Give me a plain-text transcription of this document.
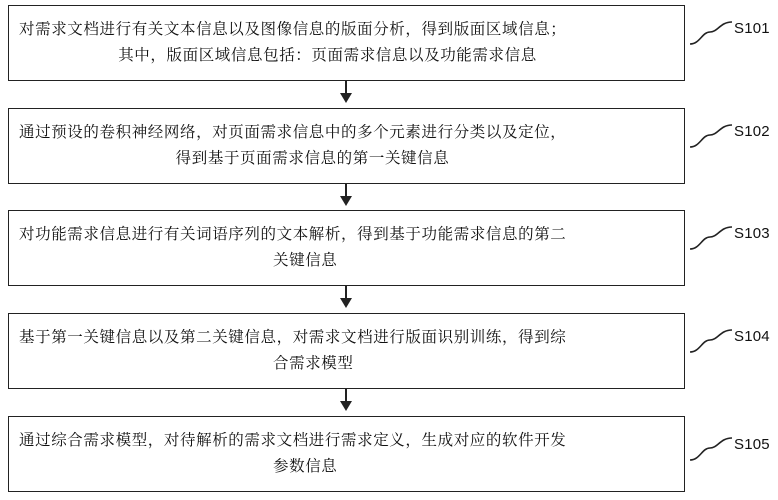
对需求文档进行有关文本信息以及图像信息的版面分析，得到版面区域信息；
其中，版面区域信息包括：页面需求信息以及功能需求信息
S101
通过预设的卷积神经网络，对页面需求信息中的多个元素进行分类以及定位，
得到基于页面需求信息的第一关键信息
S102
对功能需求信息进行有关词语序列的文本解析，得到基于功能需求信息的第二
关键信息
S103
基于第一关键信息以及第二关键信息，对需求文档进行版面识别训练，得到综
合需求模型
S104
通过综合需求模型，对待解析的需求文档进行需求定义，生成对应的软件开发
参数信息
S105
